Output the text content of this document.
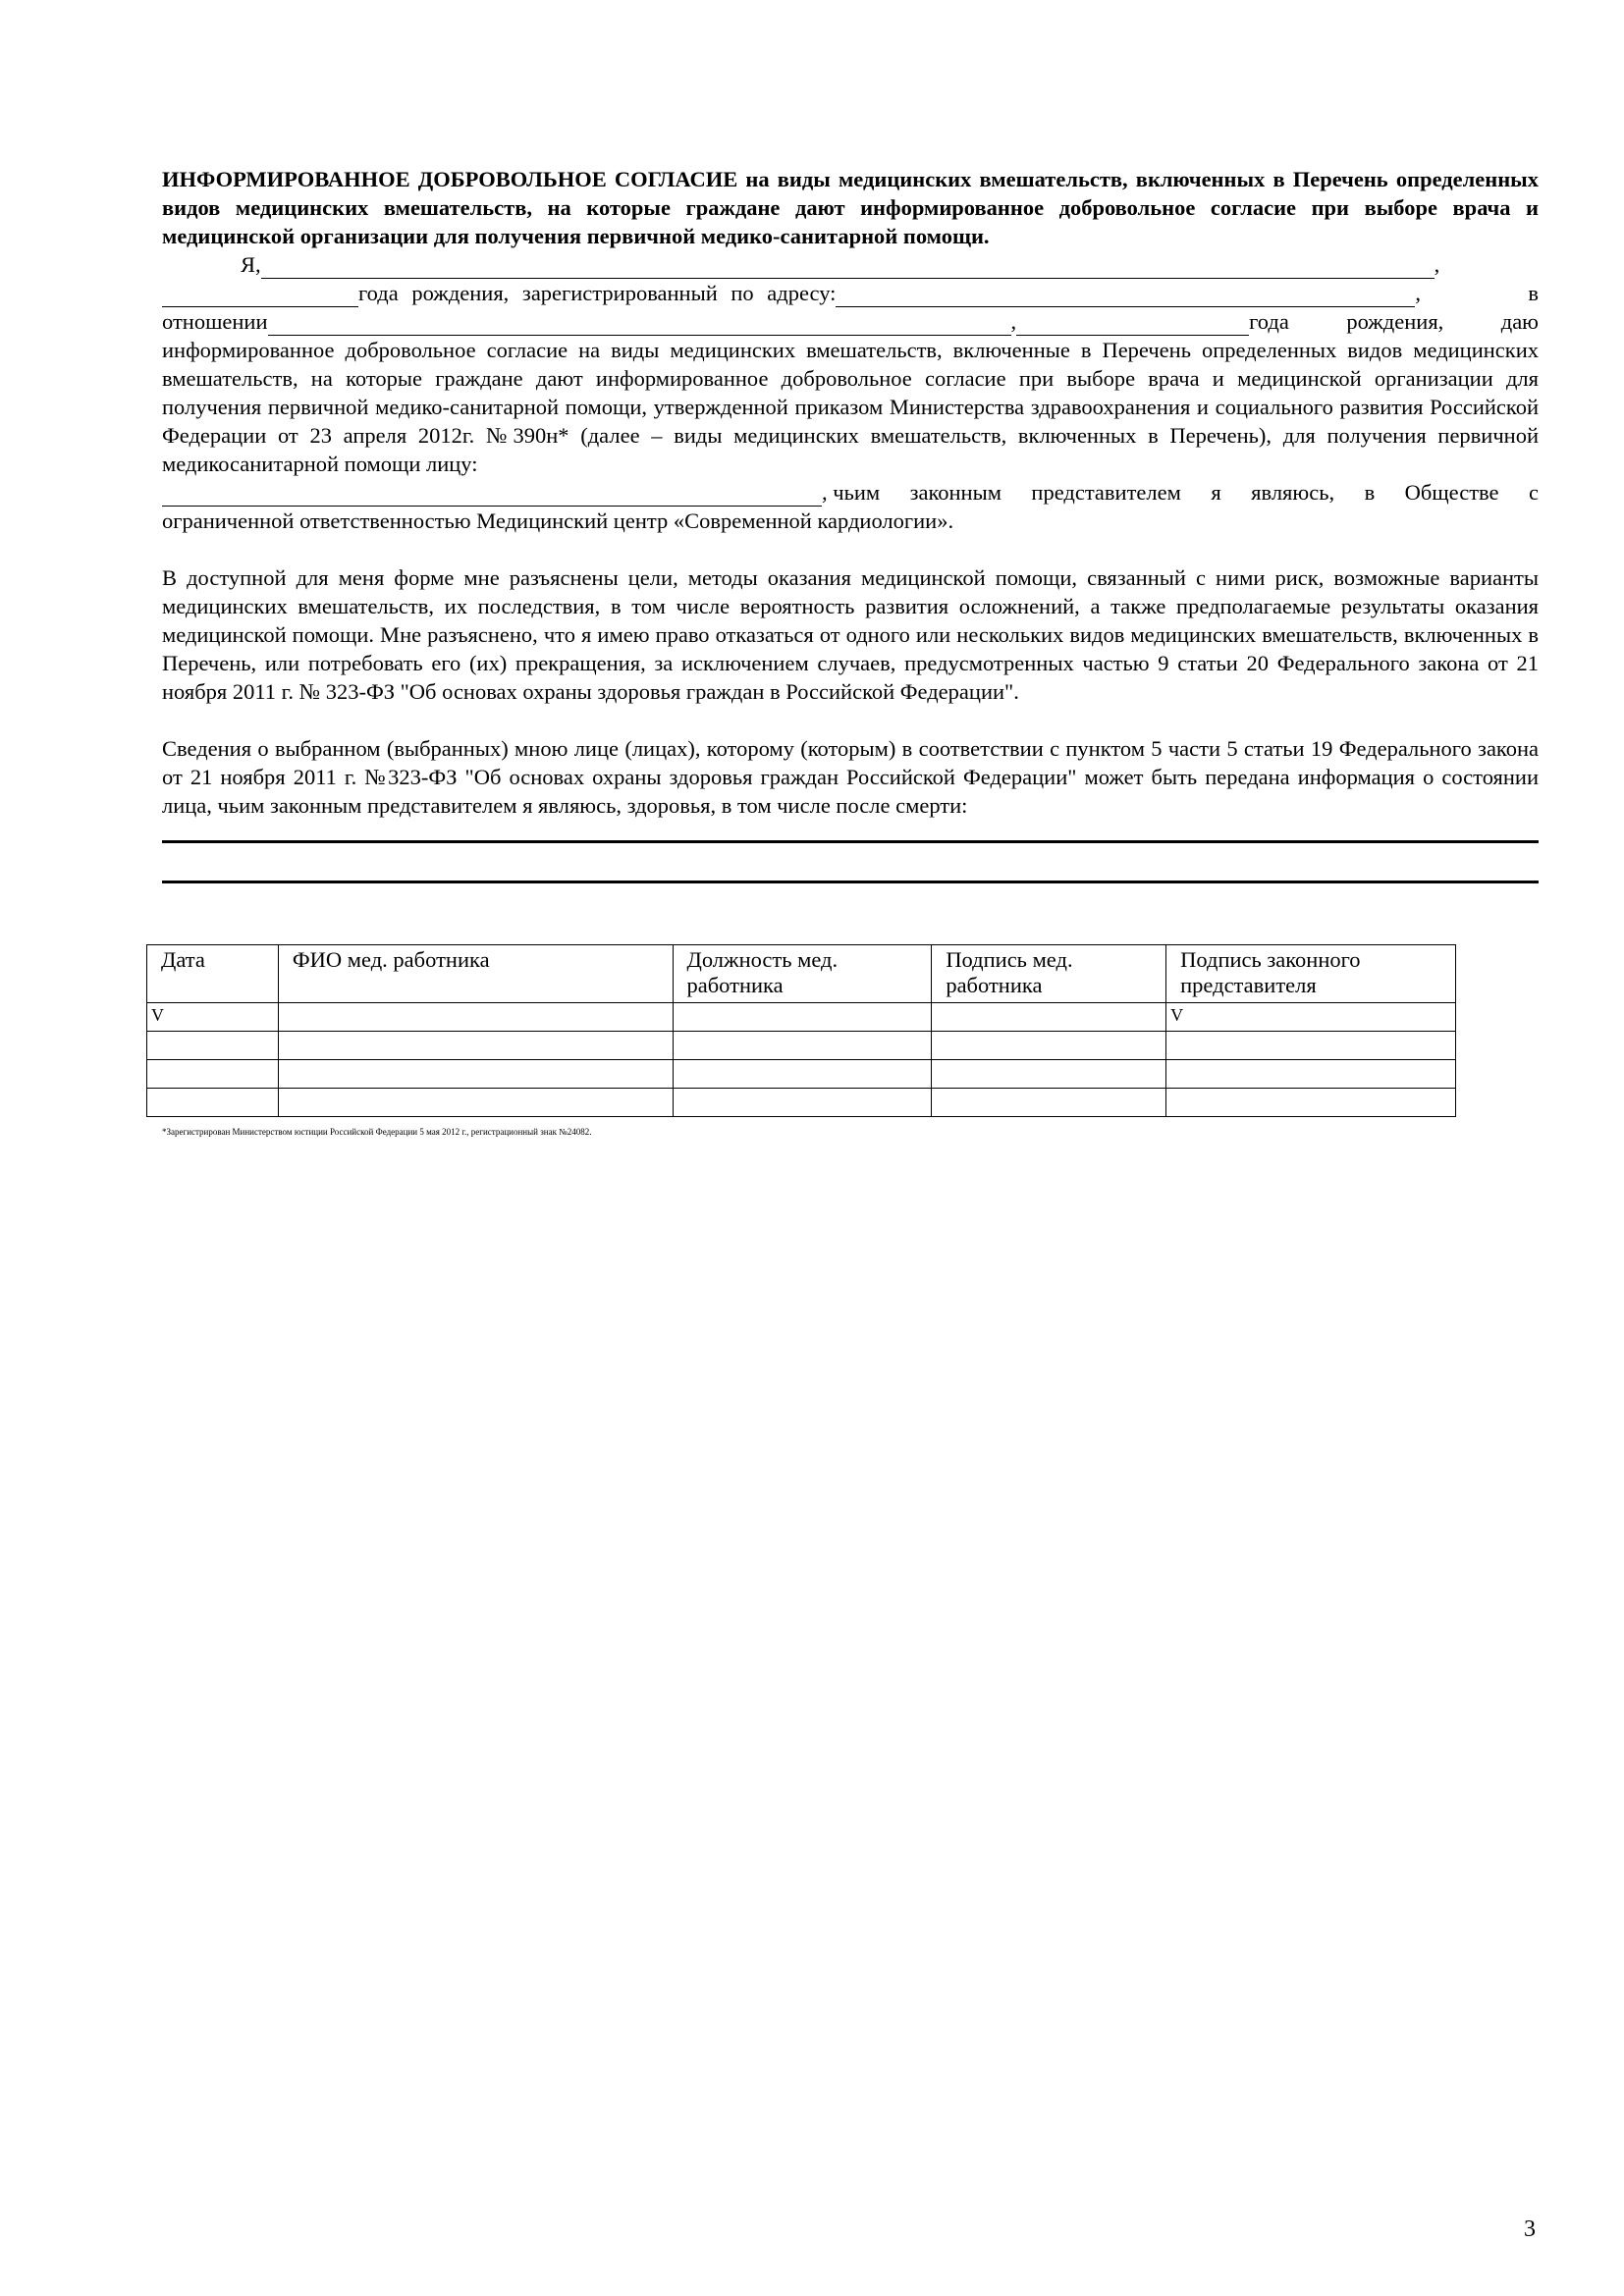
ИНФОРМИРОВАННОЕ ДОБРОВОЛЬНОЕ СОГЛАСИЕ на виды медицинских вмешательств, включенных в Перечень определенных видов медицинских вмешательств, на которые граждане дают информированное добровольное согласие при выборе врача и медицинской организации для получения первичной медико-санитарной помощи.

Я,	,
года рождения, зарегистрированный по адресу:	,	в
отношении	,	года	рождения,	даю

информированное добровольное согласие на виды медицинских вмешательств, включенные в Перечень определенных видов медицинских вмешательств, на которые граждане дают информированное добровольное согласие при выборе врача и медицинской организации для получения первичной медико-санитарной помощи, утвержденной приказом Министерства здравоохранения и социального развития Российской Федерации от 23 апреля 2012г. №390н* (далее – виды медицинских вмешательств, включенных в Перечень), для получения первичной медикосанитарной помощи лицу:

, чьим законным представителем я являюсь, в Обществе с

ограниченной ответственностью Медицинский центр «Современной кардиологии».

В доступной для меня форме мне разъяснены цели, методы оказания медицинской помощи, связанный с ними риск, возможные варианты медицинских вмешательств, их последствия, в том числе вероятность развития осложнений, а также предполагаемые результаты оказания медицинской помощи. Мне разъяснено, что я имею право отказаться от одного или нескольких видов медицинских вмешательств, включенных в Перечень, или потребовать его (их) прекращения, за исключением случаев, предусмотренных частью 9 статьи 20 Федерального закона от 21 ноября 2011 г. № 323-ФЗ "Об основах охраны здоровья граждан в Российской Федерации".

Сведения о выбранном (выбранных) мною лице (лицах), которому (которым) в соответствии с пунктом 5 части 5 статьи 19 Федерального закона от 21 ноября 2011 г. №323-ФЗ "Об основах охраны здоровья граждан Российской Федерации" может быть передана информация о состоянии лица, чьим законным представителем я являюсь, здоровья, в том числе после смерти:

Дата	ФИО мед. работника	Должность мед. работника	Подпись мед. работника	Подпись законного представителя
V				V

*Зарегистрирован Министерством юстиции Российской Федерации 5 мая 2012 г., регистрационный знак №24082.
3
